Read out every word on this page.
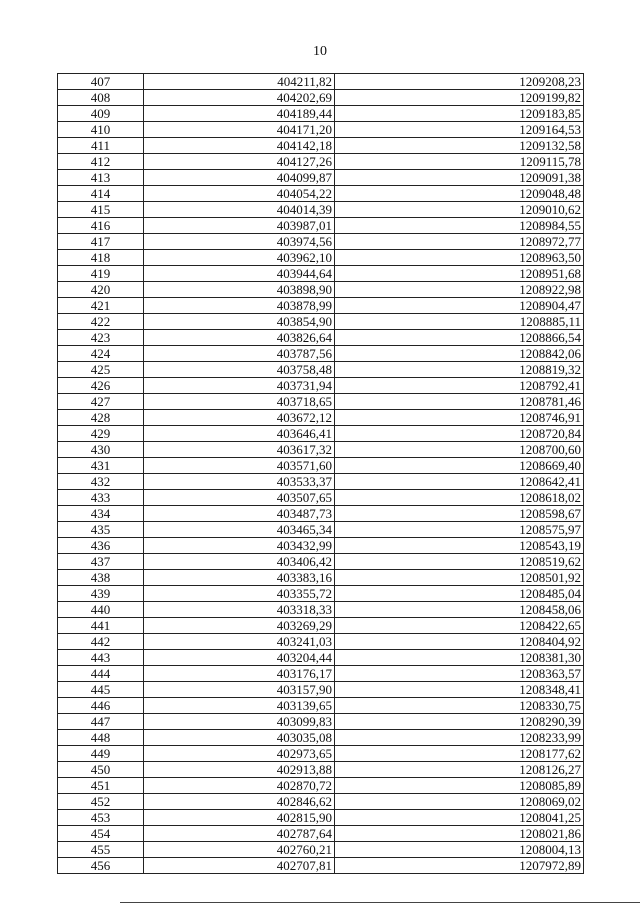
10
407	404211,82	1209208,23
408	404202,69	1209199,82
409	404189,44	1209183,85
410	404171,20	1209164,53
411	404142,18	1209132,58
412	404127,26	1209115,78
413	404099,87	1209091,38
414	404054,22	1209048,48
415	404014,39	1209010,62
416	403987,01	1208984,55
417	403974,56	1208972,77
418	403962,10	1208963,50
419	403944,64	1208951,68
420	403898,90	1208922,98
421	403878,99	1208904,47
422	403854,90	1208885,11
423	403826,64	1208866,54
424	403787,56	1208842,06
425	403758,48	1208819,32
426	403731,94	1208792,41
427	403718,65	1208781,46
428	403672,12	1208746,91
429	403646,41	1208720,84
430	403617,32	1208700,60
431	403571,60	1208669,40
432	403533,37	1208642,41
433	403507,65	1208618,02
434	403487,73	1208598,67
435	403465,34	1208575,97
436	403432,99	1208543,19
437	403406,42	1208519,62
438	403383,16	1208501,92
439	403355,72	1208485,04
440	403318,33	1208458,06
441	403269,29	1208422,65
442	403241,03	1208404,92
443	403204,44	1208381,30
444	403176,17	1208363,57
445	403157,90	1208348,41
446	403139,65	1208330,75
447	403099,83	1208290,39
448	403035,08	1208233,99
449	402973,65	1208177,62
450	402913,88	1208126,27
451	402870,72	1208085,89
452	402846,62	1208069,02
453	402815,90	1208041,25
454	402787,64	1208021,86
455	402760,21	1208004,13
456	402707,81	1207972,89
